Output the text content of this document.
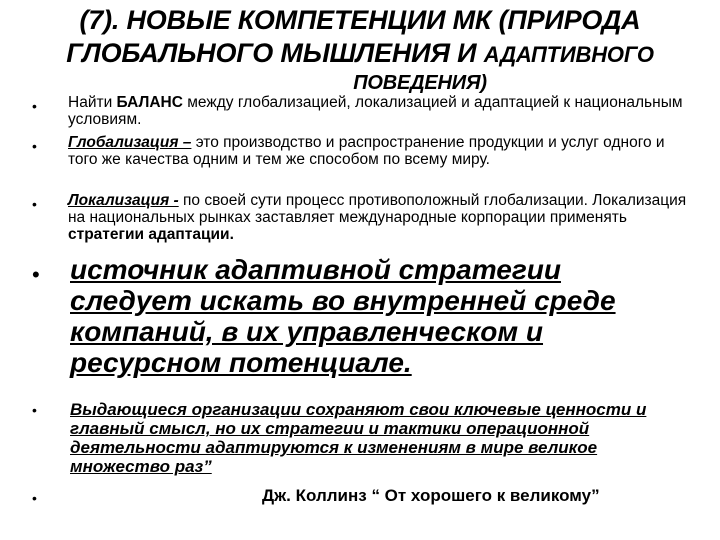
(7). НОВЫЕ КОМПЕТЕНЦИИ МК (ПРИРОДА ГЛОБАЛЬНОГО МЫШЛЕНИЯ И АДАПТИВНОГО
ПОВЕДЕНИЯ)
• Найти БАЛАНС между глобализацией, локализацией и адаптацией к национальным условиям.
• Глобализация – это производство и распространение продукции и услуг одного и того же качества одним и тем же способом по всему миру.
• Локализация - по своей сути процесс противоположный глобализации. Локализация на национальных рынках заставляет международные корпорации применять стратегии адаптации.
• источник адаптивной стратегии следует искать во внутренней среде компаний, в их управленческом и ресурсном потенциале.
• Выдающиеся организации сохраняют свои ключевые ценности и главный смысл, но их стратегии и тактики операционной деятельности адаптируются к изменениям в мире великое множество раз”
•	Дж. Коллинз “ От хорошего к великому”
